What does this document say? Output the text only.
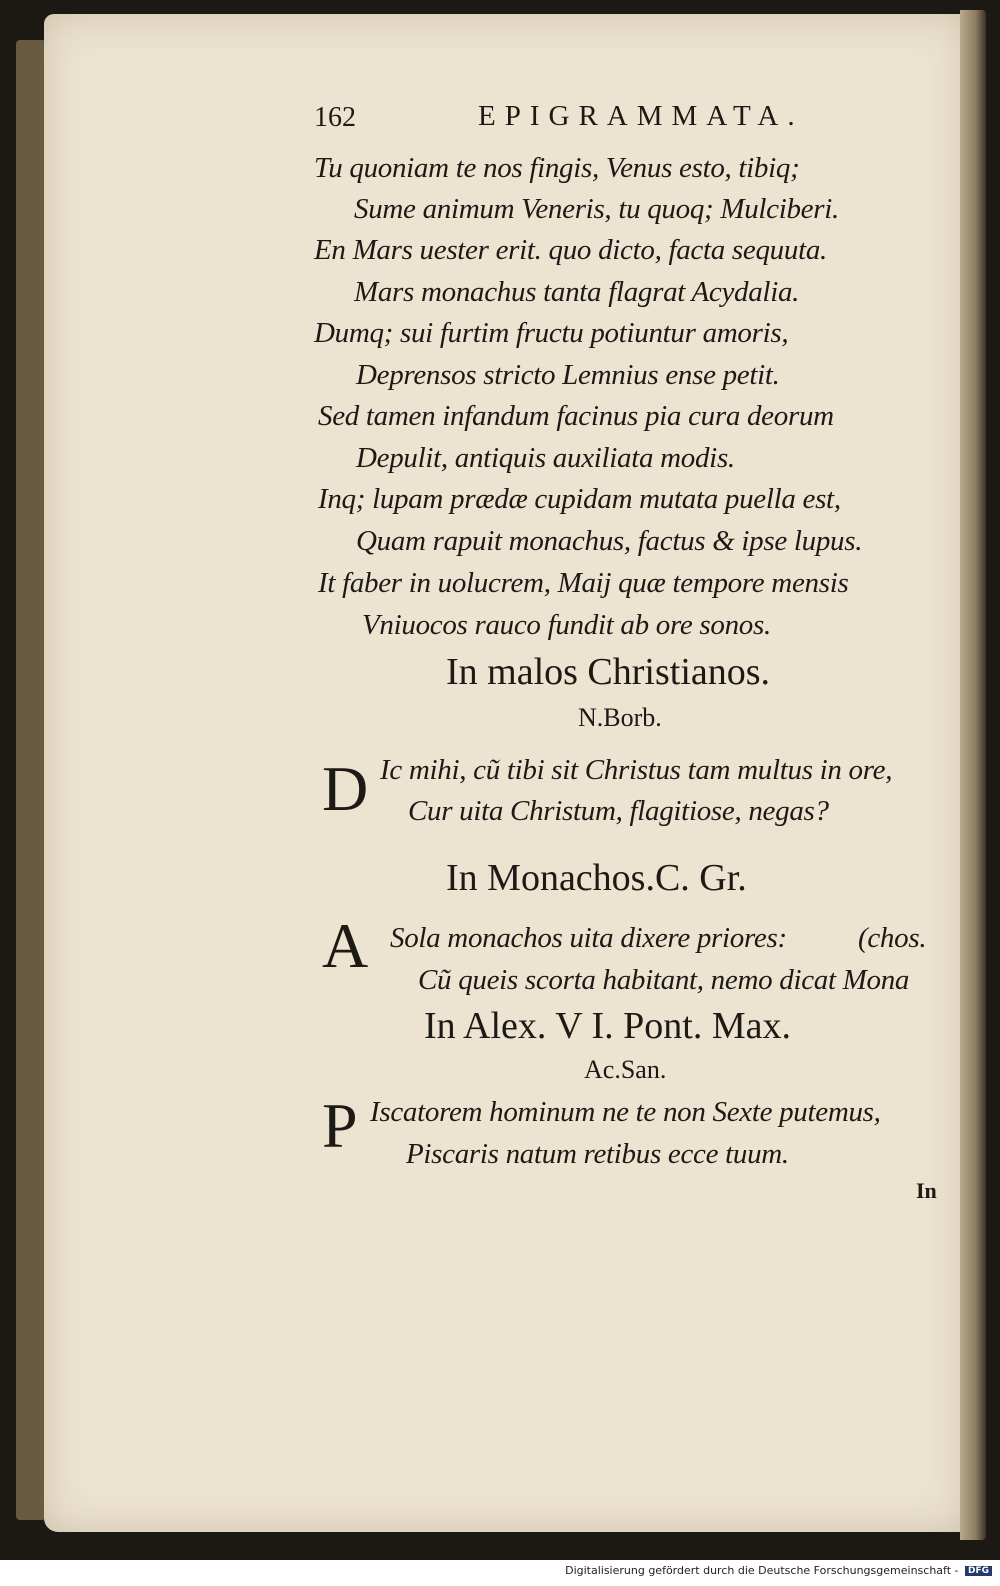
162	EPIGRAMMATA.
Tu quoniam te nos fingis, Venus esto, tibiq;
Sume animum Veneris, tu quoq; Mulciberi.
En Mars uester erit. quo dicto, facta sequuta.
Mars monachus tanta flagrat Acydalia.
Dumq; sui furtim fructu potiuntur amoris,
Deprensos stricto Lemnius ense petit.
Sed tamen infandum facinus pia cura deorum
Depulit, antiquis auxiliata modis.
Inq; lupam prædæ cupidam mutata puella est,
Quam rapuit monachus, factus & ipse lupus.
It faber in uolucrem, Maij quæ tempore mensis
Vniuocos rauco fundit ab ore sonos.
In malos Christianos.
N.Borb.
D Ic mihi, cũ tibi sit Christus tam multus in ore,
Cur uita Christum, flagitiose, negas?
In Monachos.C. Gr.
A Sola monachos uita dixere priores: (chos.
Cũ queis scorta habitant, nemo dicat Mona
In Alex. V I. Pont. Max.
Ac.San.
P Iscatorem hominum ne te non Sexte putemus,
Piscaris natum retibus ecce tuum.
In
Digitalisierung gefördert durch die Deutsche Forschungsgemeinschaft - DFG
